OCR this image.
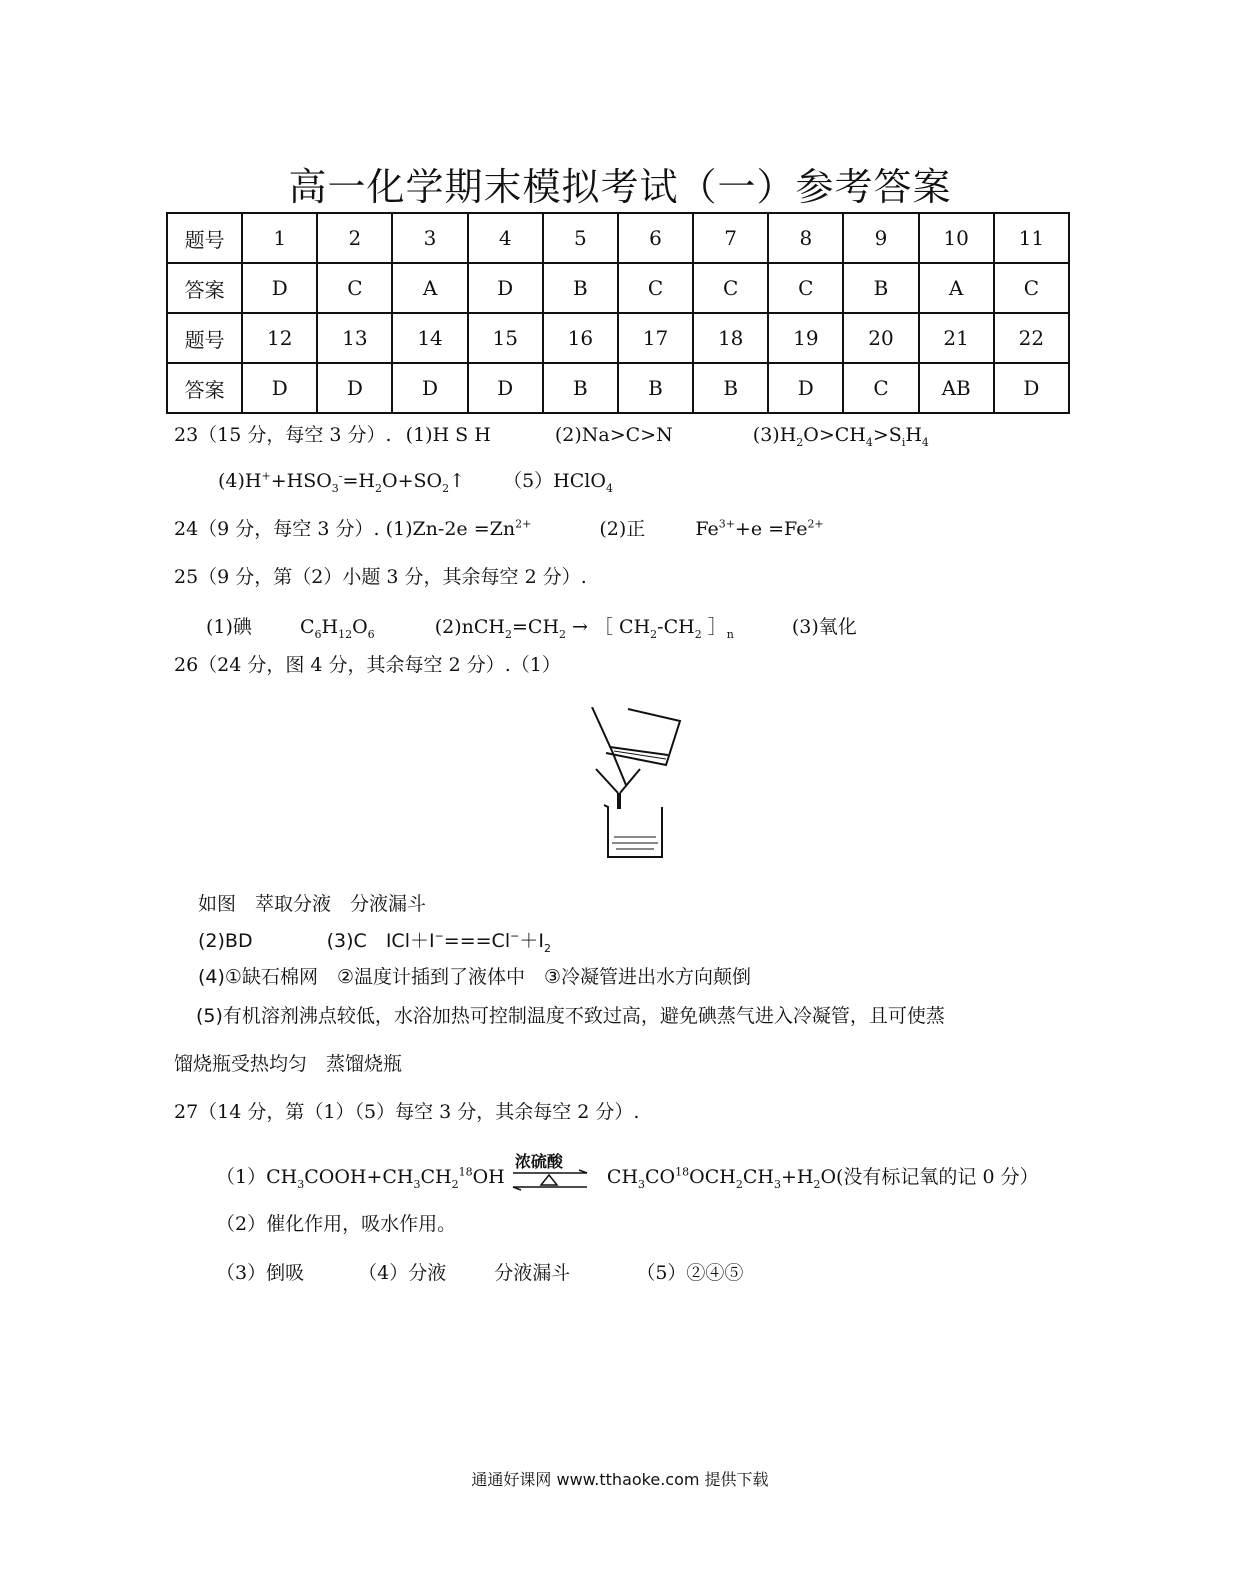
高一化学期末模拟考试（一）参考答案
题号	1	2	3	4	5	6	7	8	9	10	11
答案	D	C	A	D	B	C	C	C	B	A	C
题号	12	13	14	15	16	17	18	19	20	21	22
答案	D	D	D	D	B	B	B	D	C	AB	D
23（15 分，每空 3 分）. (1)H S H	(2)Na>C>N	$(3)H_2O>CH_4>S_iH_4$
$(4)H^++HSO_3^-=H_2O+SO_2↑$ （5）HClO$_4$
24（9 分，每空 3 分）. $(1)Zn-2e =Zn^{2+}$	(2)正	$Fe^{3+}+e =Fe^{2+}$
25（9 分，第（2）小题 3 分，其余每空 2 分）.
(1)碘	$C_6H_{12}O_6$	$(2)nCH_2=CH_2$ → ［ $CH_2-CH_2$ $]_n$	(3)氧化
26（24 分，图 4 分，其余每空 2 分）.（1）
如图　萃取分液　分液漏斗
(2)BD	(3)C　$ICl+I^-===Cl^-+I_2$
(4)①缺石棉网　②温度计插到了液体中　③冷凝管进出水方向颠倒
(5)有机溶剂沸点较低，水浴加热可控制温度不致过高，避免碘蒸气进入冷凝管，且可使蒸
馏烧瓶受热均匀　蒸馏烧瓶
27（14 分，第（1）（5）每空 3 分，其余每空 2 分）.
$(1)CH_3COOH+CH_3CH_2^{18}OH$
浓硫酸
$CH_3CO^{18}OCH_2CH_3+H_2O$(没有标记氧的记 0 分）
（2）催化作用，吸水作用。
（3）倒吸	（4）分液	分液漏斗	（5）②④⑤
通通好课网 www.tthaoke.com 提供下载
